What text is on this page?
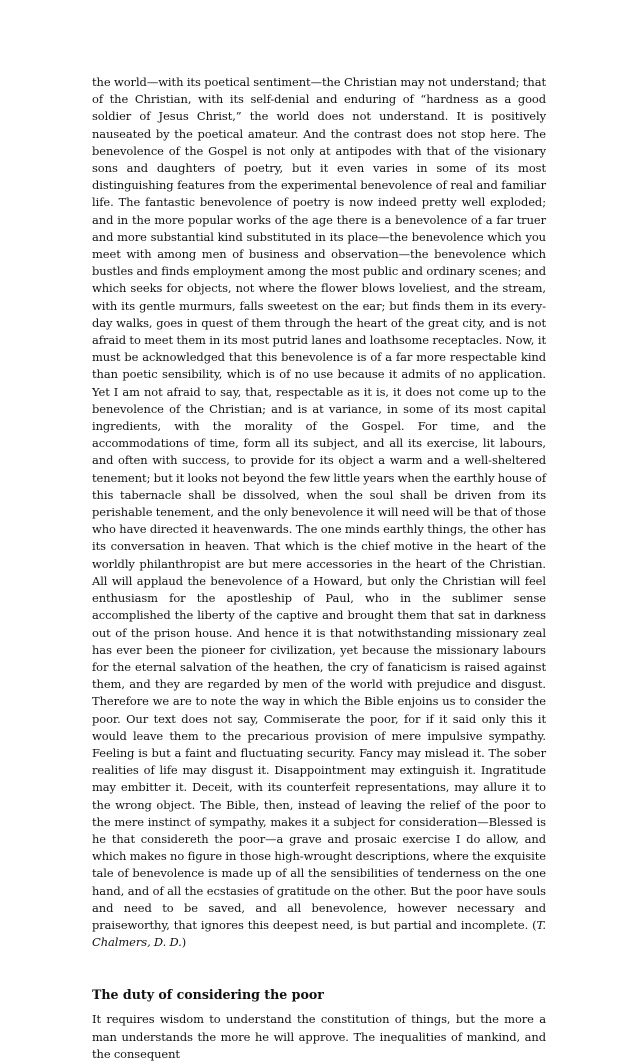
the world—with its poetical sentiment—the Christian may not understand; that of the Christian, with its self-denial and enduring of “hardness as a good soldier of Jesus Christ,” the world does not understand. It is positively nauseated by the poetical amateur. And the contrast does not stop here. The benevolence of the Gospel is not only at antipodes with that of the visionary sons and daughters of poetry, but it even varies in some of its most distinguishing features from the experimental benevolence of real and familiar life. The fantastic benevolence of poetry is now indeed pretty well exploded; and in the more popular works of the age there is a benevolence of a far truer and more substantial kind substituted in its place—the benevolence which you meet with among men of business and observation—the benevolence which bustles and finds employment among the most public and ordinary scenes; and which seeks for objects, not where the flower blows loveliest, and the stream, with its gentle murmurs, falls sweetest on the ear; but finds them in its every-day walks, goes in quest of them through the heart of the great city, and is not afraid to meet them in its most putrid lanes and loathsome receptacles. Now, it must be acknowledged that this benevolence is of a far more respectable kind than poetic sensibility, which is of no use because it admits of no application. Yet I am not afraid to say, that, respectable as it is, it does not come up to the benevolence of the Christian; and is at variance, in some of its most capital ingredients, with the morality of the Gospel. For time, and the accommodations of time, form all its subject, and all its exercise, lit labours, and often with success, to provide for its object a warm and a well-sheltered tenement; but it looks not beyond the few little years when the earthly house of this tabernacle shall be dissolved, when the soul shall be driven from its perishable tenement, and the only benevolence it will need will be that of those who have directed it heavenwards. The one minds earthly things, the other has its conversation in heaven. That which is the chief motive in the heart of the worldly philanthropist are but mere accessories in the heart of the Christian. All will applaud the benevolence of a Howard, but only the Christian will feel enthusiasm for the apostleship of Paul, who in the sublimer sense accomplished the liberty of the captive and brought them that sat in darkness out of the prison house. And hence it is that notwithstanding missionary zeal has ever been the pioneer for civilization, yet because the missionary labours for the eternal salvation of the heathen, the cry of fanaticism is raised against them, and they are regarded by men of the world with prejudice and disgust. Therefore we are to note the way in which the Bible enjoins us to consider the poor. Our text does not say, Commiserate the poor, for if it said only this it would leave them to the precarious provision of mere impulsive sympathy. Feeling is but a faint and fluctuating security. Fancy may mislead it. The sober realities of life may disgust it. Disappointment may extinguish it. Ingratitude may embitter it. Deceit, with its counterfeit representations, may allure it to the wrong object. The Bible, then, instead of leaving the relief of the poor to the mere instinct of sympathy, makes it a subject for consideration—Blessed is he that considereth the poor—a grave and prosaic exercise I do allow, and which makes no figure in those high-wrought descriptions, where the exquisite tale of benevolence is made up of all the sensibilities of tenderness on the one hand, and of all the ecstasies of gratitude on the other. But the poor have souls and need to be saved, and all benevolence, however necessary and praiseworthy, that ignores this deepest need, is but partial and incomplete. (T. Chalmers, D. D.)

The duty of considering the poor

It requires wisdom to understand the constitution of things, but the more a man understands the more he will approve. The inequalities of mankind, and the consequent
